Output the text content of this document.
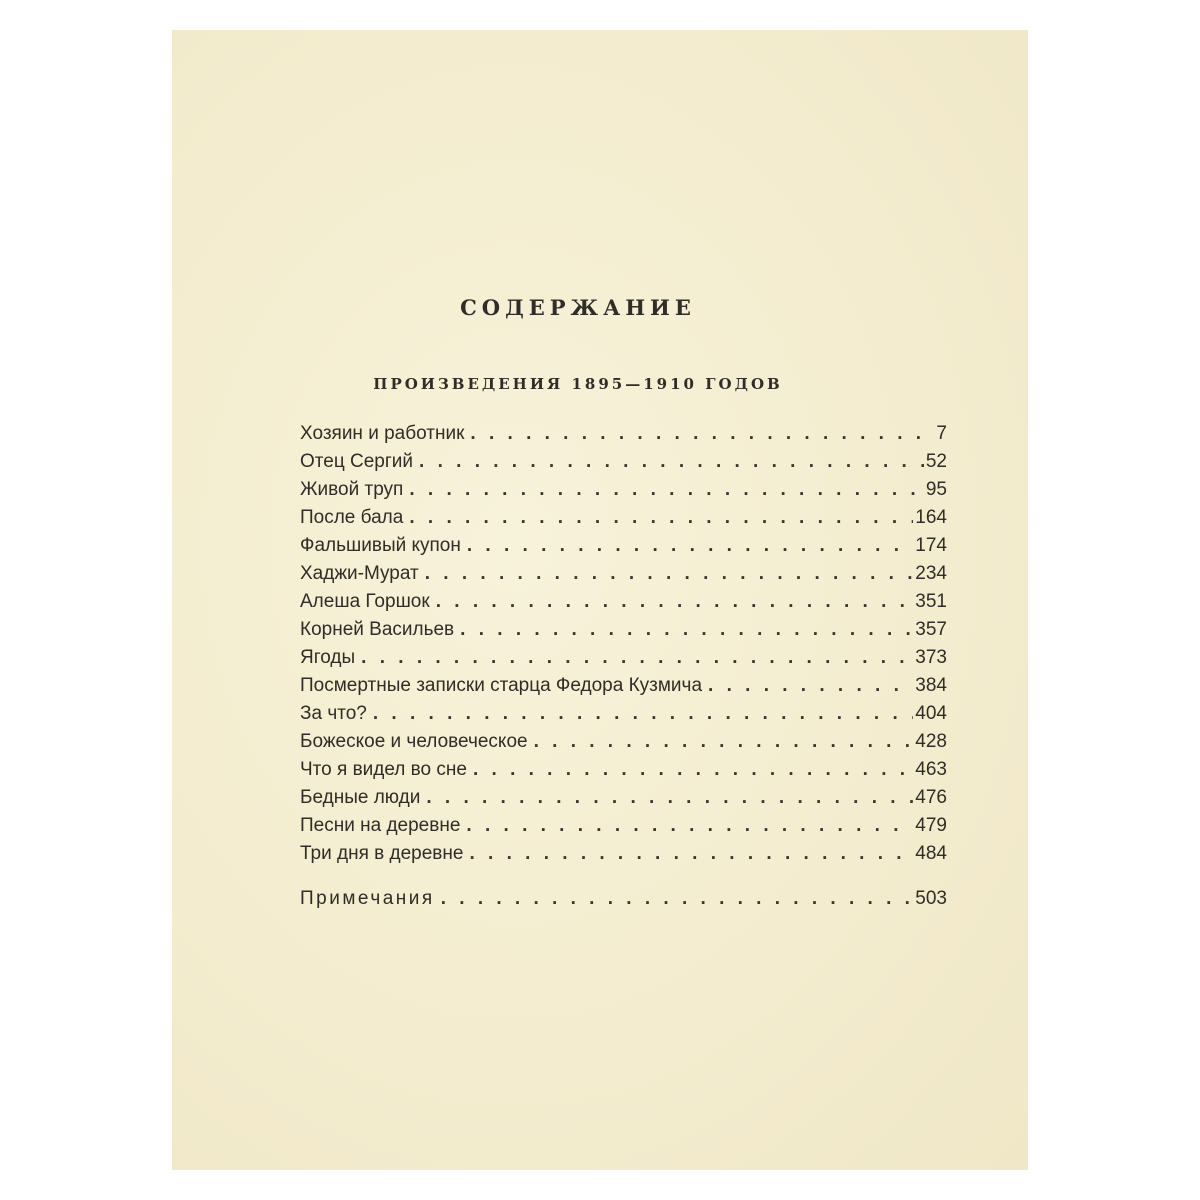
СОДЕРЖАНИЕ
ПРОИЗВЕДЕНИЯ 1895—1910 ГОДОВ
Хозяин и работник . . .	7
Отец Сергий . . .	52
Живой труп . . .	95
После бала . . .	164
Фальшивый купон . . .	174
Хаджи-Мурат . . .	234
Алеша Горшок . . .	351
Корней Васильев . . .	357
Ягоды . . .	373
Посмертные записки старца Федора Кузмича . . .	384
За что? . . .	404
Божеское и человеческое . . .	428
Что я видел во сне . . .	463
Бедные люди . . .	476
Песни на деревне . . .	479
Три дня в деревне . . .	484
Примечания . . .	503
